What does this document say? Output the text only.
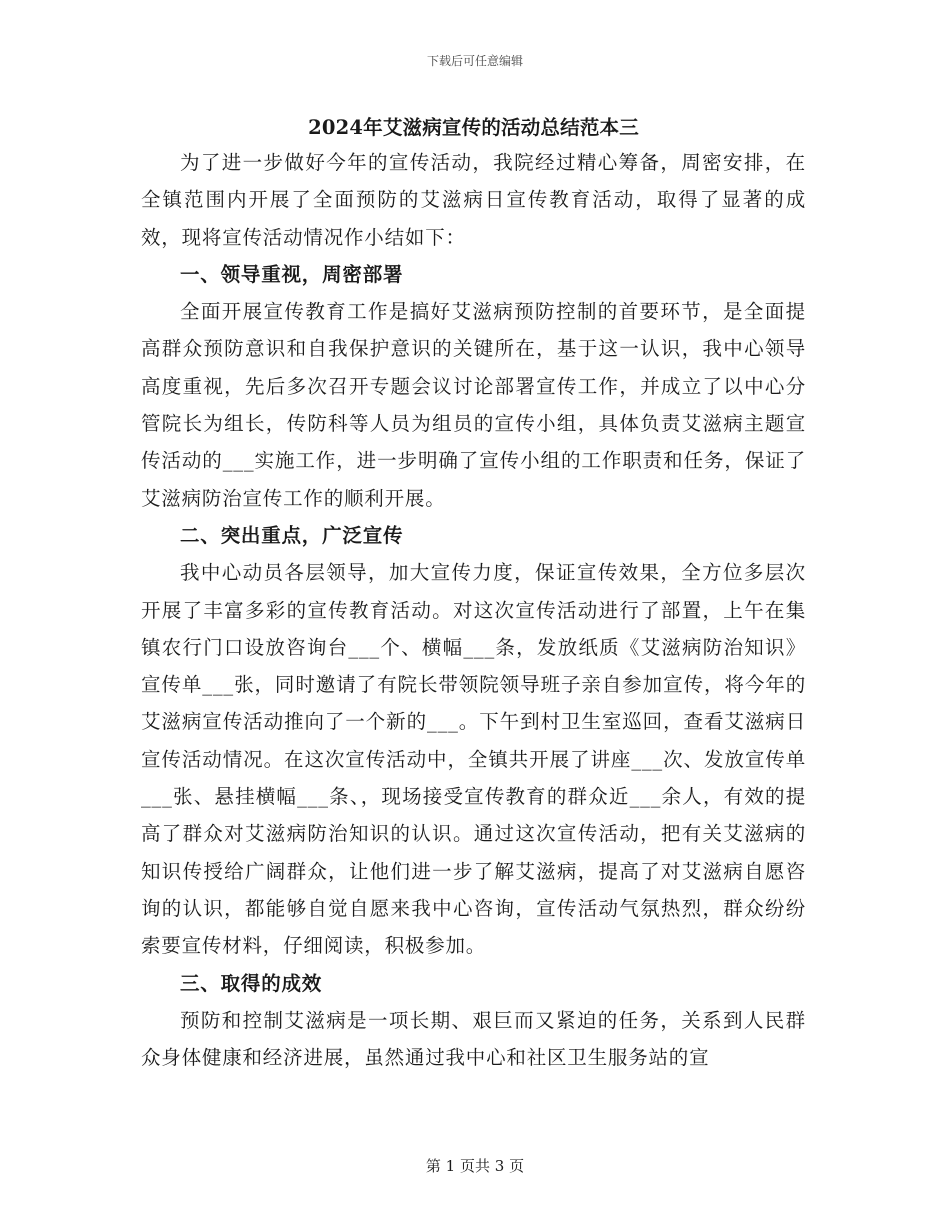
下载后可任意编辑
2024年艾滋病宣传的活动总结范本三

为了进一步做好今年的宣传活动，我院经过精心筹备，周密安排，在全镇范围内开展了全面预防的艾滋病日宣传教育活动，取得了显著的成效，现将宣传活动情况作小结如下：

一、领导重视，周密部署

全面开展宣传教育工作是搞好艾滋病预防控制的首要环节，是全面提高群众预防意识和自我保护意识的关键所在，基于这一认识，我中心领导高度重视，先后多次召开专题会议讨论部署宣传工作，并成立了以中心分管院长为组长，传防科等人员为组员的宣传小组，具体负责艾滋病主题宣传活动的___实施工作，进一步明确了宣传小组的工作职责和任务，保证了艾滋病防治宣传工作的顺利开展。

二、突出重点，广泛宣传

我中心动员各层领导，加大宣传力度，保证宣传效果，全方位多层次开展了丰富多彩的宣传教育活动。对这次宣传活动进行了部置，上午在集镇农行门口设放咨询台___个、横幅___条，发放纸质《艾滋病防治知识》宣传单___张，同时邀请了有院长带领院领导班子亲自参加宣传，将今年的艾滋病宣传活动推向了一个新的___。下午到村卫生室巡回，查看艾滋病日宣传活动情况。在这次宣传活动中，全镇共开展了讲座___次、发放宣传单___张、悬挂横幅___条、，现场接受宣传教育的群众近___余人，有效的提高了群众对艾滋病防治知识的认识。通过这次宣传活动，把有关艾滋病的知识传授给广阔群众，让他们进一步了解艾滋病，提高了对艾滋病自愿咨询的认识，都能够自觉自愿来我中心咨询，宣传活动气氛热烈，群众纷纷索要宣传材料，仔细阅读，积极参加。

三、取得的成效

预防和控制艾滋病是一项长期、艰巨而又紧迫的任务，关系到人民群众身体健康和经济进展，虽然通过我中心和社区卫生服务站的宣

第 1 页共 3 页
